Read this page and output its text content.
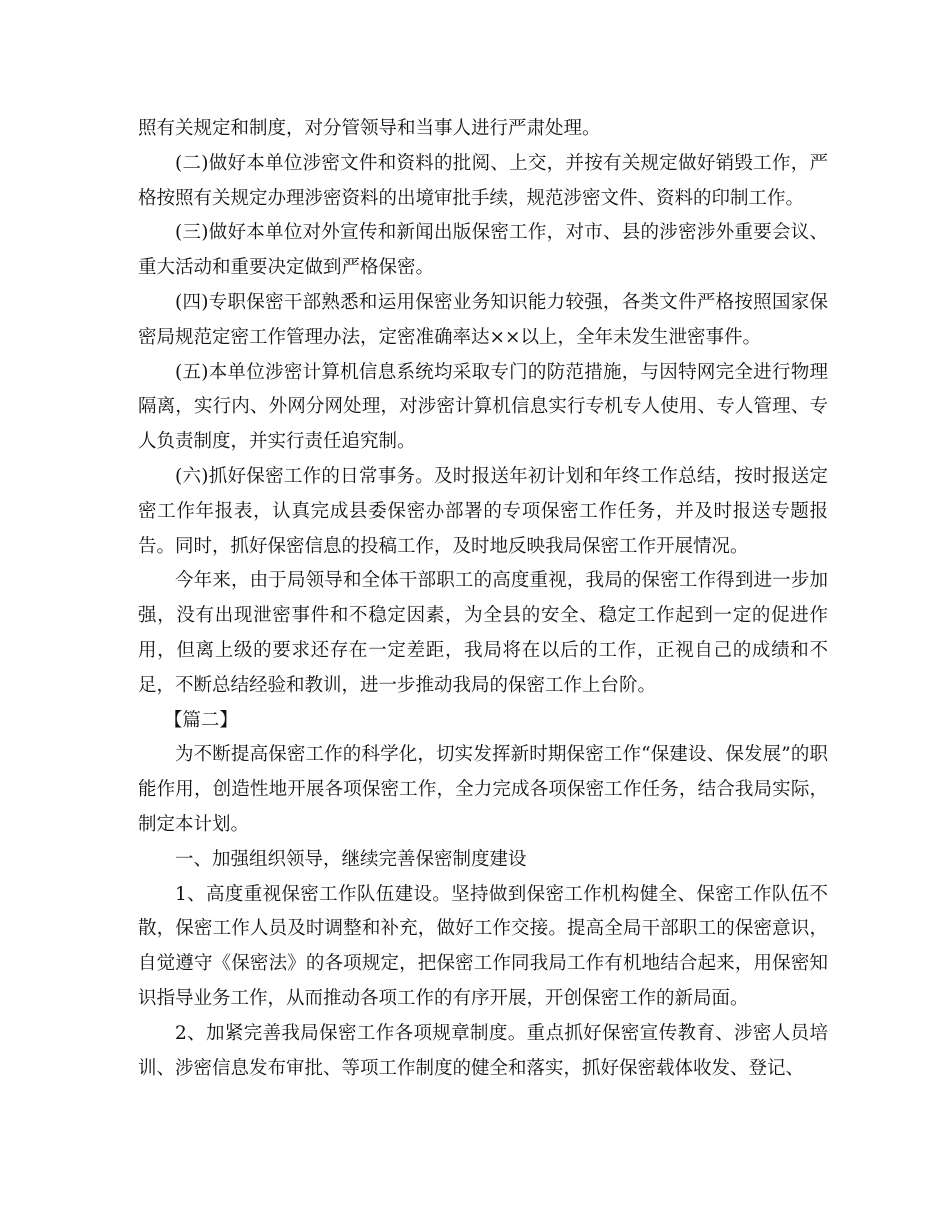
照有关规定和制度，对分管领导和当事人进行严肃处理。

(二)做好本单位涉密文件和资料的批阅、上交，并按有关规定做好销毁工作，严格按照有关规定办理涉密资料的出境审批手续，规范涉密文件、资料的印制工作。

(三)做好本单位对外宣传和新闻出版保密工作，对市、县的涉密涉外重要会议、重大活动和重要决定做到严格保密。

(四)专职保密干部熟悉和运用保密业务知识能力较强，各类文件严格按照国家保密局规范定密工作管理办法，定密准确率达××以上，全年未发生泄密事件。

(五)本单位涉密计算机信息系统均采取专门的防范措施，与因特网完全进行物理隔离，实行内、外网分网处理，对涉密计算机信息实行专机专人使用、专人管理、专人负责制度，并实行责任追究制。

(六)抓好保密工作的日常事务。及时报送年初计划和年终工作总结，按时报送定密工作年报表，认真完成县委保密办部署的专项保密工作任务，并及时报送专题报告。同时，抓好保密信息的投稿工作，及时地反映我局保密工作开展情况。

今年来，由于局领导和全体干部职工的高度重视，我局的保密工作得到进一步加强，没有出现泄密事件和不稳定因素，为全县的安全、稳定工作起到一定的促进作用，但离上级的要求还存在一定差距，我局将在以后的工作，正视自己的成绩和不足，不断总结经验和教训，进一步推动我局的保密工作上台阶。

【篇二】

为不断提高保密工作的科学化，切实发挥新时期保密工作“保建设、保发展”的职能作用，创造性地开展各项保密工作，全力完成各项保密工作任务，结合我局实际，制定本计划。

一、加强组织领导，继续完善保密制度建设

1、高度重视保密工作队伍建设。坚持做到保密工作机构健全、保密工作队伍不散，保密工作人员及时调整和补充，做好工作交接。提高全局干部职工的保密意识，自觉遵守《保密法》的各项规定，把保密工作同我局工作有机地结合起来，用保密知识指导业务工作，从而推动各项工作的有序开展，开创保密工作的新局面。

2、加紧完善我局保密工作各项规章制度。重点抓好保密宣传教育、涉密人员培训、涉密信息发布审批、等项工作制度的健全和落实，抓好保密载体收发、登记、
